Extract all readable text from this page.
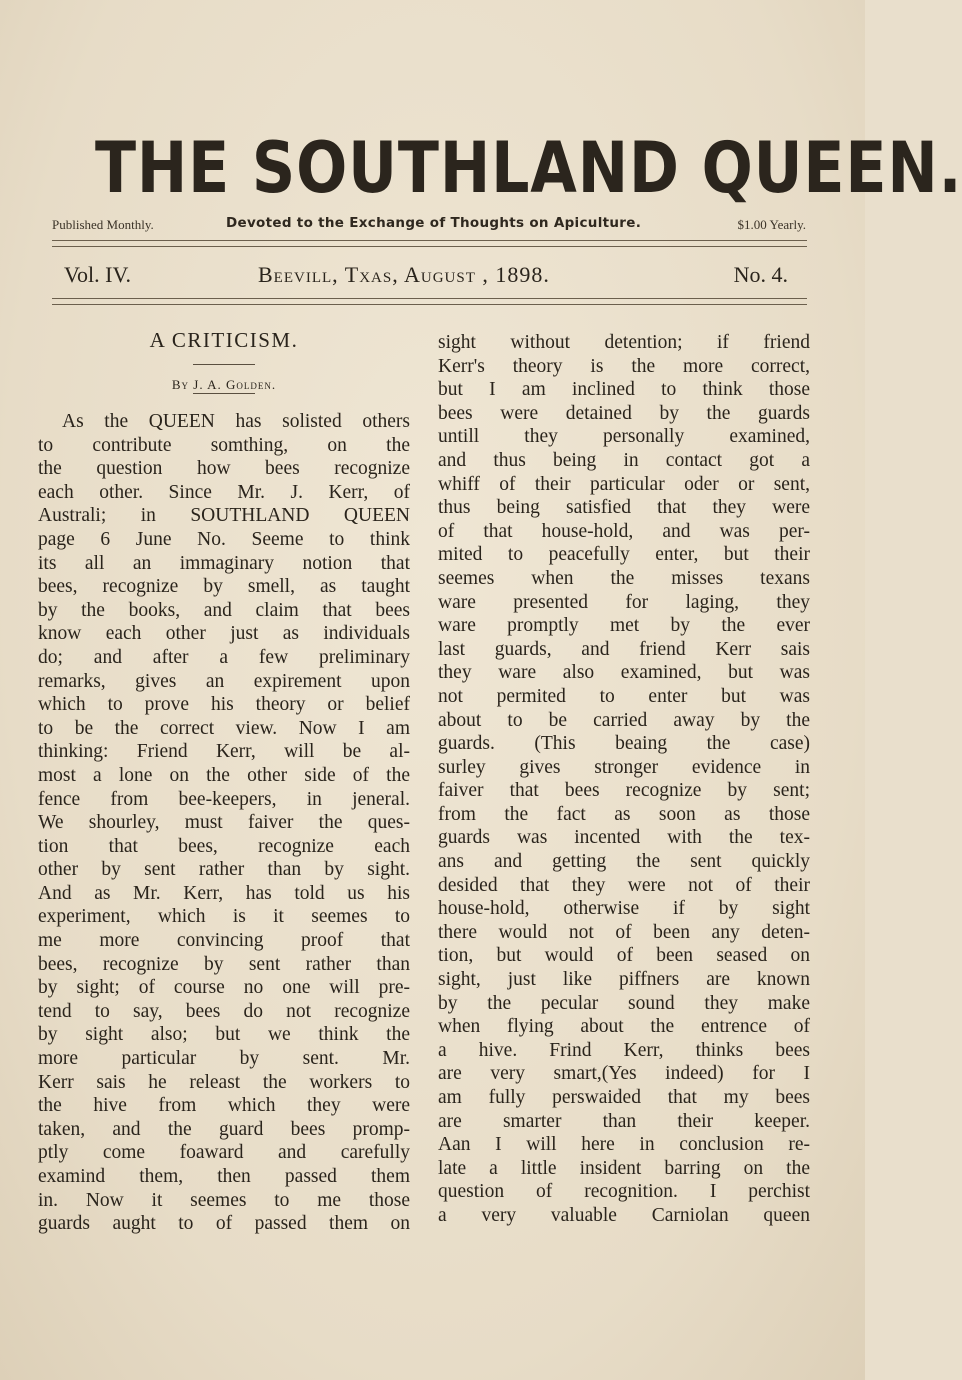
THE SOUTHLAND QUEEN.
Published Monthly.	Devoted to the Exchange of Thoughts on Apiculture.	$1.00 Yearly.
Vol. IV.	Beevill, Txas, August , 1898.	No. 4.
A CRITICISM.
By J. A. Golden.
As the QUEEN has solisted others
to contribute somthing, on the
the question how bees recognize
each other. Since Mr. J. Kerr, of
Australi; in SOUTHLAND QUEEN
page 6 June No. Seeme to think
its all an immaginary notion that
bees, recognize by smell, as taught
by the books, and claim that bees
know each other just as individuals
do; and after a few preliminary
remarks, gives an expirement upon
which to prove his theory or belief
to be the correct view. Now I am
thinking: Friend Kerr, will be al-
most a lone on the other side of the
fence from bee-keepers, in jeneral.
We shourley, must faiver the ques-
tion that bees, recognize each
other by sent rather than by sight.
And as Mr. Kerr, has told us his
experiment, which is it seemes to
me more convincing proof that
bees, recognize by sent rather than
by sight; of course no one will pre-
tend to say, bees do not recognize
by sight also; but we think the
more particular by sent. Mr.
Kerr sais he releast the workers to
the hive from which they were
taken, and the guard bees promp-
ptly come foaward and carefully
examind them, then passed them
in. Now it seemes to me those
guards aught to of passed them on
sight without detention; if friend
Kerr's theory is the more correct,
but I am inclined to think those
bees were detained by the guards
untill they personally examined,
and thus being in contact got a
whiff of their particular oder or sent,
thus being satisfied that they were
of that house-hold, and was per-
mited to peacefully enter, but their
seemes when the misses texans
ware presented for laging, they
ware promptly met by the ever
last guards, and friend Kerr sais
they ware also examined, but was
not permited to enter but was
about to be carried away by the
guards. (This beaing the case)
surley gives stronger evidence in
faiver that bees recognize by sent;
from the fact as soon as those
guards was incented with the tex-
ans and getting the sent quickly
desided that they were not of their
house-hold, otherwise if by sight
there would not of been any deten-
tion, but would of been seased on
sight, just like piffners are known
by the pecular sound they make
when flying about the entrence of
a hive. Frind Kerr, thinks bees
are very smart,(Yes indeed) for I
am fully perswaided that my bees
are smarter than their keeper.
Aan I will here in conclusion re-
late a little insident barring on the
question of recognition. I perchist
a very valuable Carniolan queen
